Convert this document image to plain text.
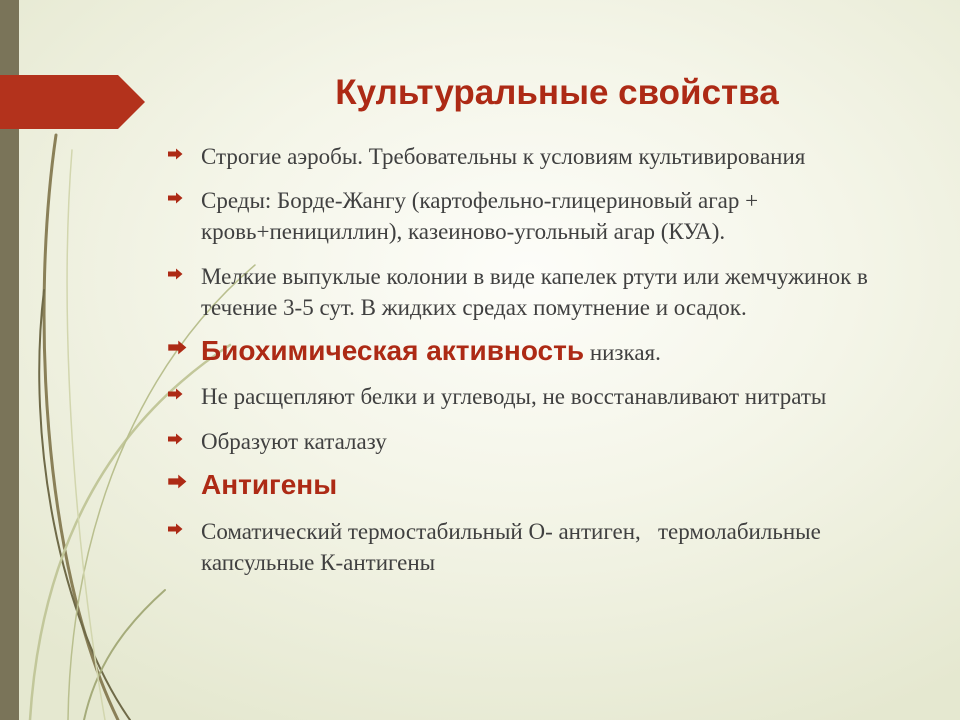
Культуральные свойства
Строгие аэробы. Требовательны к условиям культивирования
Среды: Борде-Жангу (картофельно-глицериновый агар + кровь+пенициллин), казеиново-угольный агар (КУА).
Мелкие выпуклые колонии в виде капелек ртути или жемчужинок в течение 3-5 сут. В жидких средах помутнение и осадок.
Биохимическая активность низкая.
Не расщепляют белки и углеводы, не восстанавливают нитраты
Образуют каталазу
Антигены
Соматический термостабильный О- антиген,   термолабильные капсульные К-антигены
